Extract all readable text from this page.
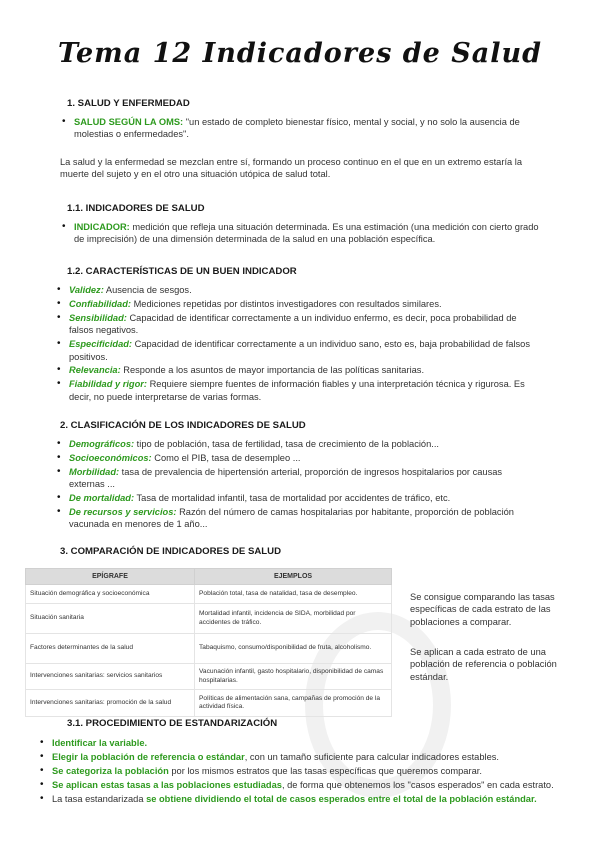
Tema 12 Indicadores de Salud
1. SALUD Y ENFERMEDAD
• SALUD SEGÚN LA OMS: "un estado de completo bienestar físico, mental y social, y no solo la ausencia de molestias o enfermedades".
La salud y la enfermedad se mezclan entre sí, formando un proceso continuo en el que en un extremo estaría la muerte del sujeto y en el otro una situación utópica de salud total.
1.1. INDICADORES DE SALUD
• INDICADOR: medición que refleja una situación determinada. Es una estimación (una medición con cierto grado de imprecisión) de una dimensión determinada de la salud en una población específica.
1.2. CARACTERÍSTICAS DE UN BUEN INDICADOR
• Validez: Ausencia de sesgos.
• Confiabilidad: Mediciones repetidas por distintos investigadores con resultados similares.
• Sensibilidad: Capacidad de identificar correctamente a un individuo enfermo, es decir, poca probabilidad de falsos negativos.
• Especificidad: Capacidad de identificar correctamente a un individuo sano, esto es, baja probabilidad de falsos positivos.
• Relevancia: Responde a los asuntos de mayor importancia de las políticas sanitarias.
• Fiabilidad y rigor: Requiere siempre fuentes de información fiables y una interpretación técnica y rigurosa. Es decir, no puede interpretarse de varias formas.
2. CLASIFICACIÓN DE LOS INDICADORES DE SALUD
• Demográficos: tipo de población, tasa de fertilidad, tasa de crecimiento de la población...
• Socioeconómicos: Como el PIB, tasa de desempleo ...
• Morbilidad: tasa de prevalencia de hipertensión arterial, proporción de ingresos hospitalarios por causas externas ...
• De mortalidad: Tasa de mortalidad infantil, tasa de mortalidad por accidentes de tráfico, etc.
• De recursos y servicios: Razón del número de camas hospitalarias por habitante, proporción de población vacunada en menores de 1 año...
3. COMPARACIÓN DE INDICADORES DE SALUD
EPÍGRAFE	EJEMPLOS
Situación demográfica y socioeconómica	Población total, tasa de natalidad, tasa de desempleo.
Situación sanitaria	Mortalidad infantil, incidencia de SIDA, morbilidad por accidentes de tráfico.
Factores determinantes de la salud	Tabaquismo, consumo/disponibilidad de fruta, alcoholismo.
Intervenciones sanitarias: servicios sanitarios	Vacunación infantil, gasto hospitalario, disponibilidad de camas hospitalarias.
Intervenciones sanitarias: promoción de la salud	Políticas de alimentación sana, campañas de promoción de la actividad física.
Se consigue comparando las tasas específicas de cada estrato de las poblaciones a comparar.
Se aplican a cada estrato de una población de referencia o población estándar.
3.1. PROCEDIMIENTO DE ESTANDARIZACIÓN
• Identificar la variable.
• Elegir la población de referencia o estándar, con un tamaño suficiente para calcular indicadores estables.
• Se categoriza la población por los mismos estratos que las tasas específicas que queremos comparar.
• Se aplican estas tasas a las poblaciones estudiadas, de forma que obtenemos los "casos esperados" en cada estrato.
• La tasa estandarizada se obtiene dividiendo el total de casos esperados entre el total de la población estándar.
